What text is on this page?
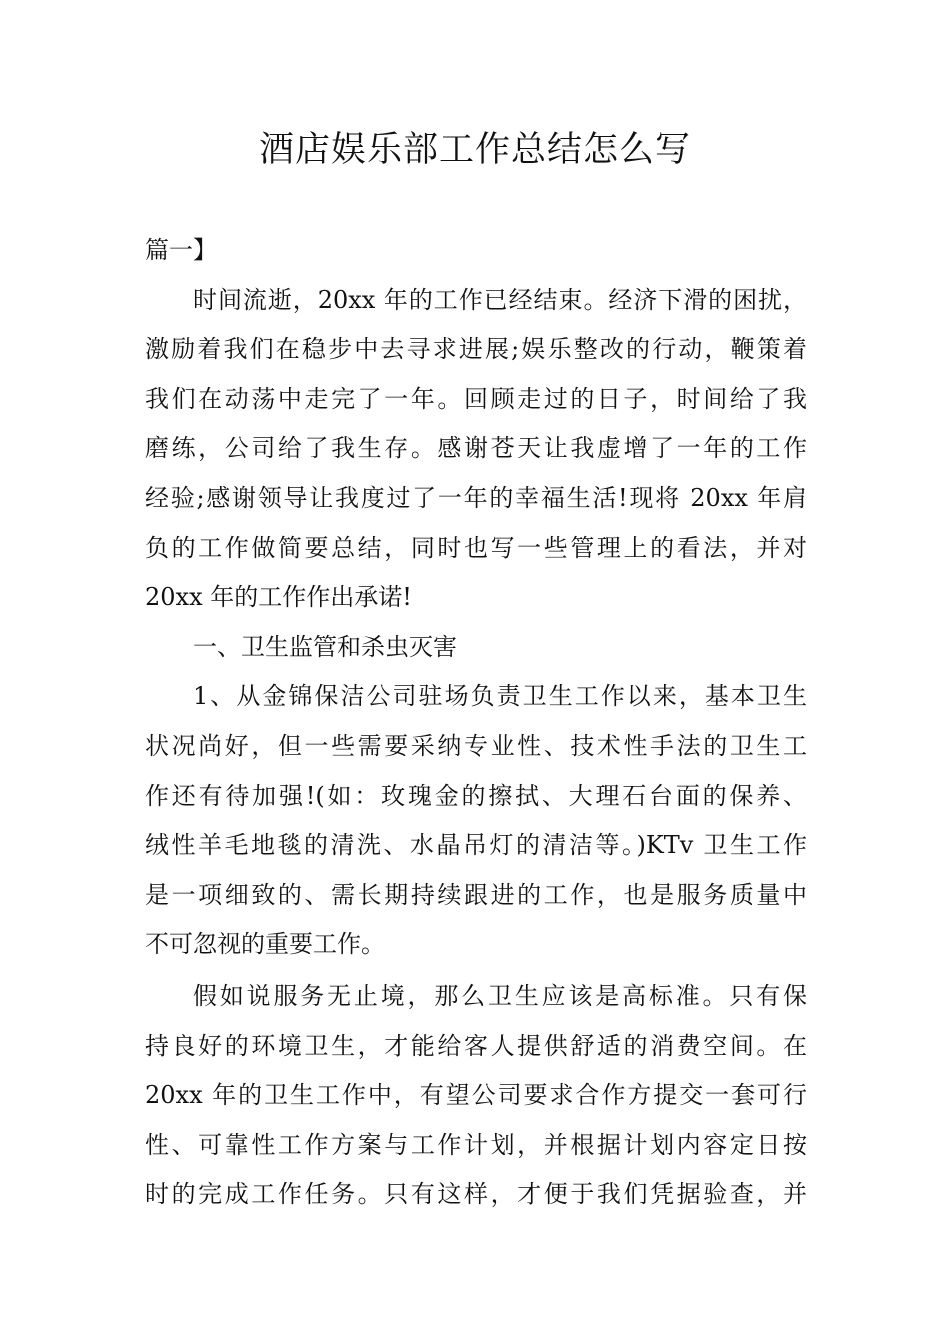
酒店娱乐部工作总结怎么写
篇一】
时间流逝，20xx 年的工作已经结束。经济下滑的困扰，
激励着我们在稳步中去寻求进展;娱乐整改的行动，鞭策着
我们在动荡中走完了一年。回顾走过的日子，时间给了我
磨练，公司给了我生存。感谢苍天让我虚增了一年的工作
经验;感谢领导让我度过了一年的幸福生活!现将 20xx 年肩
负的工作做简要总结，同时也写一些管理上的看法，并对
20xx 年的工作作出承诺!
一、卫生监管和杀虫灭害
1、从金锦保洁公司驻场负责卫生工作以来，基本卫生
状况尚好，但一些需要采纳专业性、技术性手法的卫生工
作还有待加强!(如：玫瑰金的擦拭、大理石台面的保养、
绒性羊毛地毯的清洗、水晶吊灯的清洁等。)KTv 卫生工作
是一项细致的、需长期持续跟进的工作，也是服务质量中
不可忽视的重要工作。
假如说服务无止境，那么卫生应该是高标准。只有保
持良好的环境卫生，才能给客人提供舒适的消费空间。在
20xx 年的卫生工作中，有望公司要求合作方提交一套可行
性、可靠性工作方案与工作计划，并根据计划内容定日按
时的完成工作任务。只有这样，才便于我们凭据验查，并
